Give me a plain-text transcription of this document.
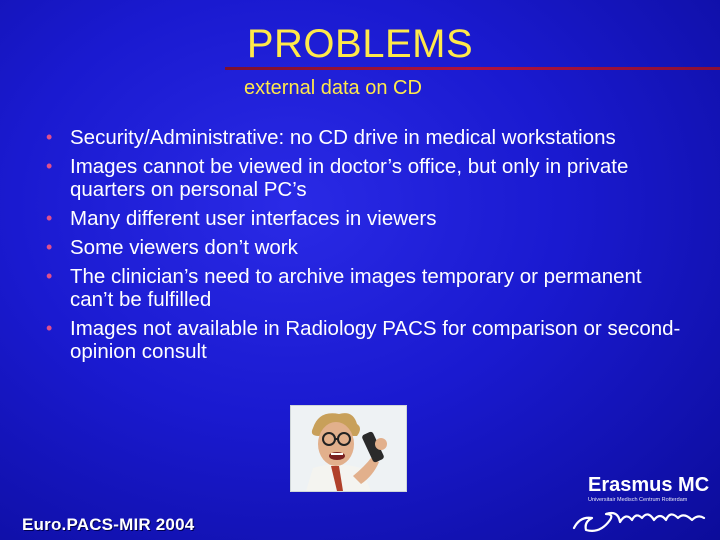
PROBLEMS
external data on CD
• Security/Administrative: no CD drive in medical workstations
• Images cannot be viewed in doctor’s office, but only in private quarters on personal PC’s
• Many different user interfaces in viewers
• Some viewers don’t work
• The clinician’s need to archive images temporary or permanent can’t be fulfilled
• Images not available in Radiology PACS for comparison or second-opinion consult
Euro.PACS-MIR 2004
Erasmus MC
Universitair Medisch Centrum Rotterdam
